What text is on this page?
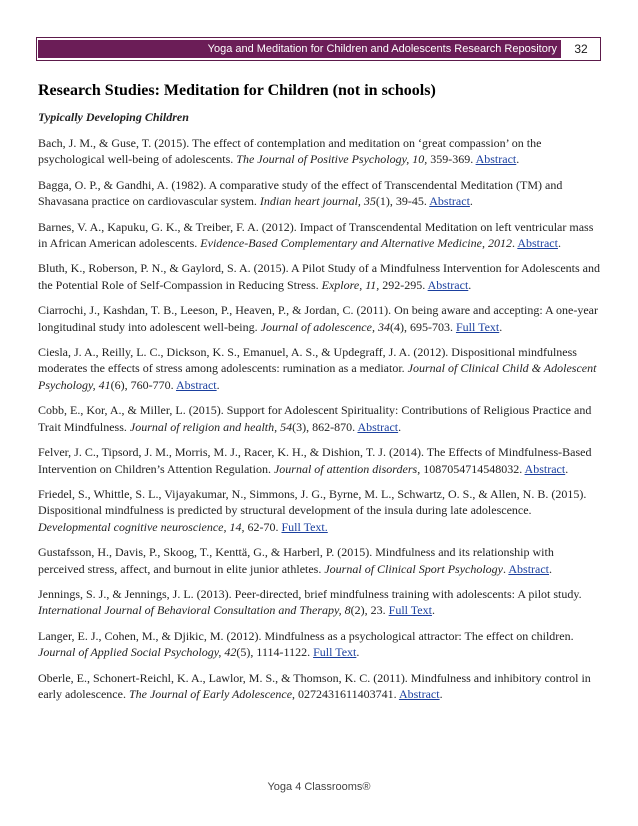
Yoga and Meditation for Children and Adolescents Research Repository	32
Research Studies: Meditation for Children (not in schools)

Typically Developing Children

Bach, J. M., & Guse, T. (2015). The effect of contemplation and meditation on ‘great compassion’ on the psychological well-being of adolescents. The Journal of Positive Psychology, 10, 359-369. Abstract.

Bagga, O. P., & Gandhi, A. (1982). A comparative study of the effect of Transcendental Meditation (TM) and Shavasana practice on cardiovascular system. Indian heart journal, 35(1), 39-45. Abstract.

Barnes, V. A., Kapuku, G. K., & Treiber, F. A. (2012). Impact of Transcendental Meditation on left ventricular mass in African American adolescents. Evidence-Based Complementary and Alternative Medicine, 2012. Abstract.

Bluth, K., Roberson, P. N., & Gaylord, S. A. (2015). A Pilot Study of a Mindfulness Intervention for Adolescents and the Potential Role of Self-Compassion in Reducing Stress. Explore, 11, 292-295. Abstract.

Ciarrochi, J., Kashdan, T. B., Leeson, P., Heaven, P., & Jordan, C. (2011). On being aware and accepting: A one-year longitudinal study into adolescent well-being. Journal of adolescence, 34(4), 695-703. Full Text.

Ciesla, J. A., Reilly, L. C., Dickson, K. S., Emanuel, A. S., & Updegraff, J. A. (2012). Dispositional mindfulness moderates the effects of stress among adolescents: rumination as a mediator. Journal of Clinical Child & Adolescent Psychology, 41(6), 760-770. Abstract.

Cobb, E., Kor, A., & Miller, L. (2015). Support for Adolescent Spirituality: Contributions of Religious Practice and Trait Mindfulness. Journal of religion and health, 54(3), 862-870. Abstract.

Felver, J. C., Tipsord, J. M., Morris, M. J., Racer, K. H., & Dishion, T. J. (2014). The Effects of Mindfulness-Based Intervention on Children’s Attention Regulation. Journal of attention disorders, 1087054714548032. Abstract.

Friedel, S., Whittle, S. L., Vijayakumar, N., Simmons, J. G., Byrne, M. L., Schwartz, O. S., & Allen, N. B. (2015). Dispositional mindfulness is predicted by structural development of the insula during late adolescence. Developmental cognitive neuroscience, 14, 62-70. Full Text.

Gustafsson, H., Davis, P., Skoog, T., Kenttä, G., & Harberl, P. (2015). Mindfulness and its relationship with perceived stress, affect, and burnout in elite junior athletes. Journal of Clinical Sport Psychology. Abstract.

Jennings, S. J., & Jennings, J. L. (2013). Peer-directed, brief mindfulness training with adolescents: A pilot study. International Journal of Behavioral Consultation and Therapy, 8(2), 23. Full Text.

Langer, E. J., Cohen, M., & Djikic, M. (2012). Mindfulness as a psychological attractor: The effect on children. Journal of Applied Social Psychology, 42(5), 1114-1122. Full Text.

Oberle, E., Schonert-Reichl, K. A., Lawlor, M. S., & Thomson, K. C. (2011). Mindfulness and inhibitory control in early adolescence. The Journal of Early Adolescence, 0272431611403741. Abstract.

Yoga 4 Classrooms®
